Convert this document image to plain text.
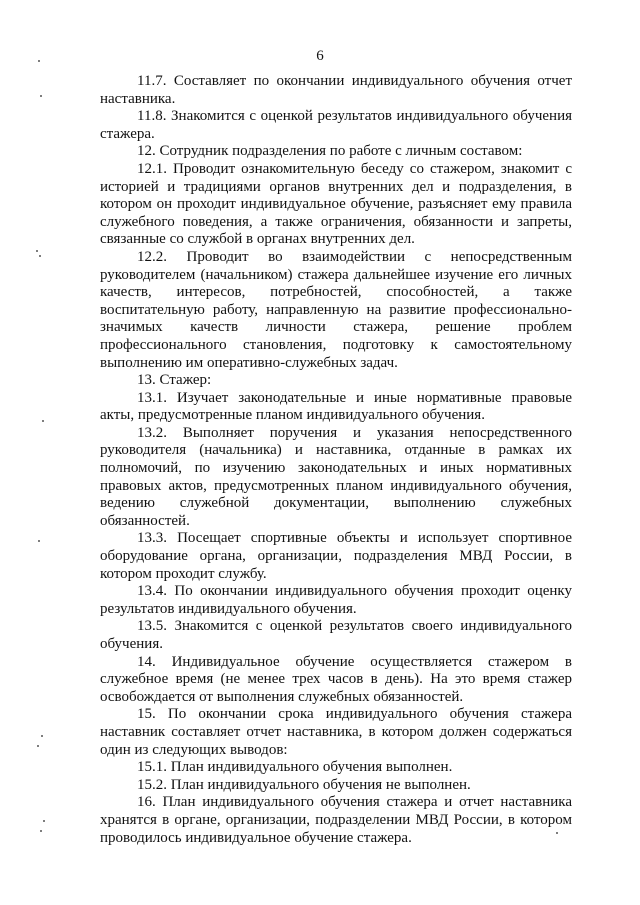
6

11.7. Составляет по окончании индивидуального обучения отчет наставника.

11.8. Знакомится с оценкой результатов индивидуального обучения стажера.

12. Сотрудник подразделения по работе с личным составом:

12.1. Проводит ознакомительную беседу со стажером, знакомит с историей и традициями органов внутренних дел и подразделения, в котором он проходит индивидуальное обучение, разъясняет ему правила служебного поведения, а также ограничения, обязанности и запреты, связанные со службой в органах внутренних дел.

12.2. Проводит во взаимодействии с непосредственным руководителем (начальником) стажера дальнейшее изучение его личных качеств, интересов, потребностей, способностей, а также воспитательную работу, направленную на развитие профессионально-значимых качеств личности стажера, решение проблем профессионального становления, подготовку к самостоятельному выполнению им оперативно-служебных задач.

13. Стажер:

13.1. Изучает законодательные и иные нормативные правовые акты, предусмотренные планом индивидуального обучения.

13.2. Выполняет поручения и указания непосредственного руководителя (начальника) и наставника, отданные в рамках их полномочий, по изучению законодательных и иных нормативных правовых актов, предусмотренных планом индивидуального обучения, ведению служебной документации, выполнению служебных обязанностей.

13.3. Посещает спортивные объекты и использует спортивное оборудование органа, организации, подразделения МВД России, в котором проходит службу.

13.4. По окончании индивидуального обучения проходит оценку результатов индивидуального обучения.

13.5. Знакомится с оценкой результатов своего индивидуального обучения.

14. Индивидуальное обучение осуществляется стажером в служебное время (не менее трех часов в день). На это время стажер освобождается от выполнения служебных обязанностей.

15. По окончании срока индивидуального обучения стажера наставник составляет отчет наставника, в котором должен содержаться один из следующих выводов:

15.1. План индивидуального обучения выполнен.

15.2. План индивидуального обучения не выполнен.

16. План индивидуального обучения стажера и отчет наставника хранятся в органе, организации, подразделении МВД России, в котором проводилось индивидуальное обучение стажера.
